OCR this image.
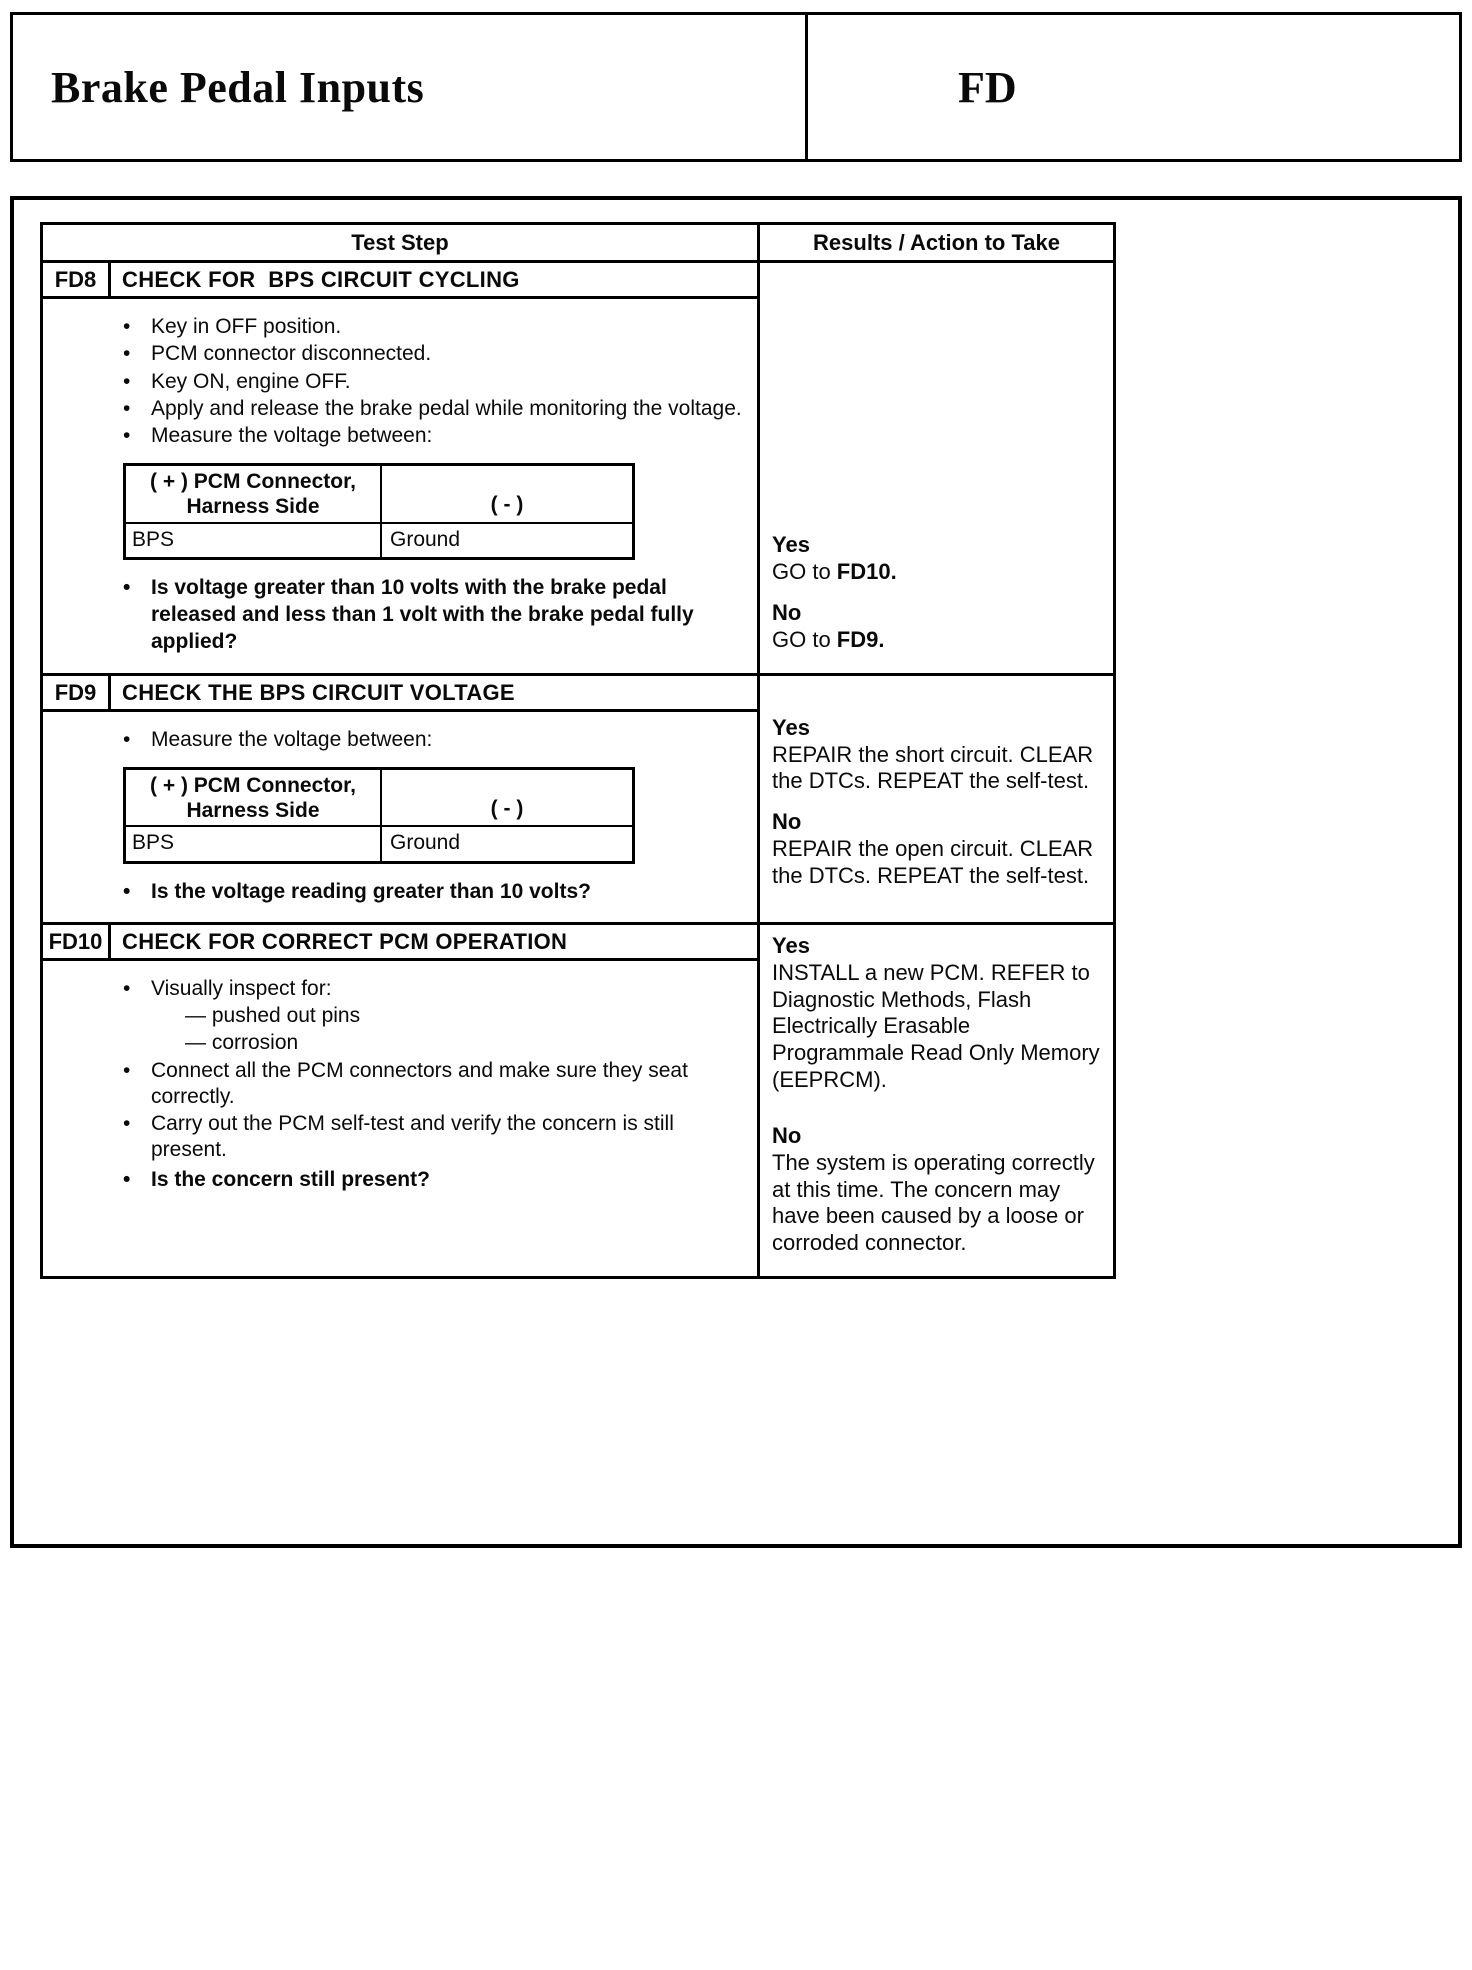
Brake Pedal Inputs	FD
Test Step	Results / Action to Take
FD8	CHECK FOR  BPS CIRCUIT CYCLING
• Key in OFF position.
• PCM connector disconnected.
• Key ON, engine OFF.
• Apply and release the brake pedal while monitoring the voltage.
• Measure the voltage between:
( + ) PCM Connector,
Harness Side	( - )
BPS	Ground
• Is voltage greater than 10 volts with the brake pedal released and less than 1 volt with the brake pedal fully applied?
Yes
GO to FD10.
No
GO to FD9.
FD9	CHECK THE BPS CIRCUIT VOLTAGE
• Measure the voltage between:
( + ) PCM Connector,
Harness Side	( - )
BPS	Ground
• Is the voltage reading greater than 10 volts?
Yes
REPAIR the short circuit. CLEAR the DTCs. REPEAT the self-test.
No
REPAIR the open circuit. CLEAR the DTCs. REPEAT the self-test.
FD10 CHECK FOR CORRECT PCM OPERATION
• Visually inspect for:
— pushed out pins
— corrosion
• Connect all the PCM connectors and make sure they seat correctly.
• Carry out the PCM self-test and verify the concern is still present.
• Is the concern still present?
Yes
INSTALL a new PCM. REFER to Diagnostic Methods, Flash Electrically Erasable Programmale Read Only Memory (EEPRCM).
No
The system is operating correctly at this time. The concern may have been caused by a loose or corroded connector.
